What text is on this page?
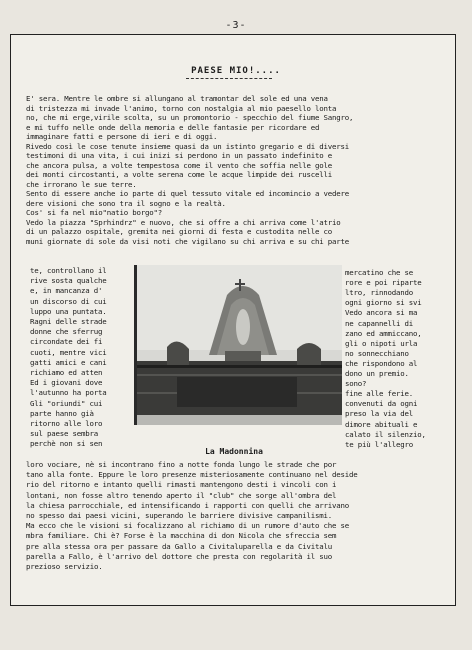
-3-
PAESE MIO!....
E' sera. Mentre le ombre si allungano al tramontar del sole ed una vena
di tristezza mi invade l'animo, torno con nostalgia al mio paesello lonta
no, che mi erge,virile scolta, su un promontorio - specchio del fiume Sangro,
e mi tuffo nelle onde della memoria e delle fantasie per ricordare ed
immaginare fatti e persone di ieri e di oggi.
Rivedo così le cose tenute insieme quasi da un istinto gregario e di diversi
testimoni di una vita, i cui inizi si perdono in un passato indefinito e
che ancora pulsa, a volte tempestosa come il vento che soffia nelle gole
dei monti circostanti, a volte serena come le acque limpide dei ruscelli
che irrorano le sue terre.
Sento di essere anche io parte di quel tessuto vitale ed incomincio a vedere
dere visioni che sono tra il sogno e la realtà.
Cos' si fa nel mio"natio borgo"?
Vedo la piazza "Sprhindrz" e nuovo, che si offre a chi arriva come l'atrio
di un palazzo ospitale, gremita nei giorni di festa e custodita nelle co
muni giornate di sole da visi noti che vigilano su chi arriva e su chi parte
te, controllano il
rive sosta qualche
e, in mancanza d'
un discorso di cui
luppo una puntata.
Ragni delle strade
donne che sferrug
circondate dei fi
cuoti, mentre vici
gatti amici e cani
richiamo ed atten
Ed i giovani dove
l'autunno ha porta
Gli "oriundi" cui
parte hanno già
ritorno alle loro
sul paese sembra
perchè non si sen
mercatino che se
rore e poi riparte
ltro, rinnodando
ogni giorno si svi
Vedo ancora si ma
ne capannelli di
zano ed ammiccano,
gli o nipoti urla
no sonnecchiano
che rispondono al
dono un premio.
sono?
fine alle ferie.
convenuti da ogni
preso la via del
dimore abituali e
calato il silenzio,
te più l'allegro
loro vociare, nè si incontrano fino a notte fonda lungo le strade che por
tano alla fonte. Eppure le loro presenze misteriosamente continuano nel deside
rio del ritorno e intanto quelli rimasti mantengono desti i vincoli con i
lontani, non fosse altro tenendo aperto il "club" che sorge all'ombra del
la chiesa parrocchiale, ed intensificando i rapporti con quelli che arrivano
no spesso dai paesi vicini, superando le barriere divisive campanilismi.
Ma ecco che le visioni si focalizzano al richiamo di un rumore d'auto che se
mbra familiare. Chi è? Forse è la macchina di don Nicola che sfreccia sem
pre alla stessa ora per passare da Gallo a Civitaluparella e da Civitalu
parella a Fallo, è l'arrivo del dottore che presta con regolarità il suo
prezioso servizio.
La Madonnina
